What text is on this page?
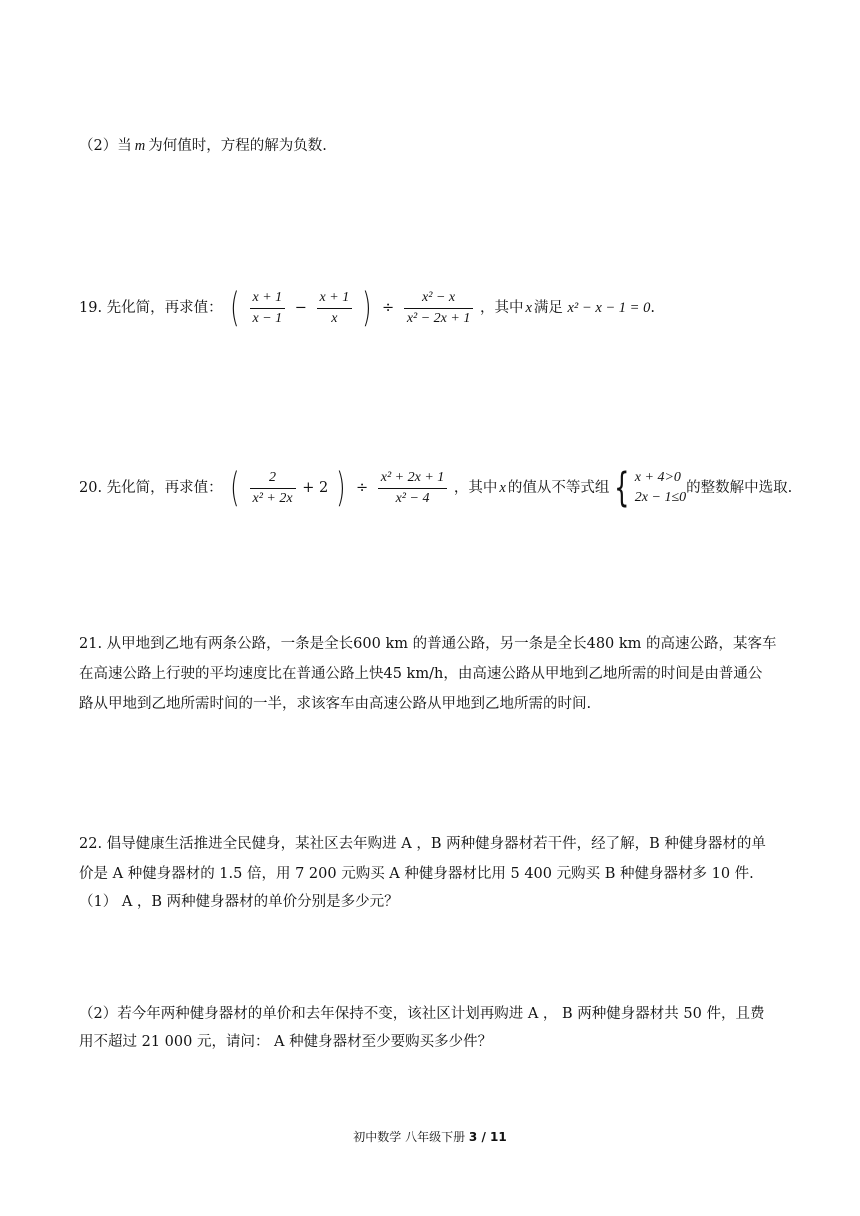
（2）当 m 为何值时，方程的解为负数.
19. 先化简，再求值： ( $\frac{x + 1}{x - 1} - \frac{x + 1}{x}$ ) ÷ $\frac{\text{x² − x}}{\text{x² − 2x + 1}}$ ，其中 x 满足 x² − x − 1 = 0.
20. 先化简，再求值： ( $\frac{2}{\text{x² + 2x}} + 2$ ) ÷ $\frac{\text{x² + 2x + 1}}{\text{x² − 4}}$ ，其中 x 的值从不等式组 { x + 4>0
2x − 1≤0
的整数解中选取.
21. 从甲地到乙地有两条公路，一条是全长600 km 的普通公路，另一条是全长480 km 的高速公路，某客车
在高速公路上行驶的平均速度比在普通公路上快45 km/h，由高速公路从甲地到乙地所需的时间是由普通公
路从甲地到乙地所需时间的一半，求该客车由高速公路从甲地到乙地所需的时间.
22. 倡导健康生活推进全民健身，某社区去年购进 A ，B 两种健身器材若干件，经了解，B 种健身器材的单
价是 A 种健身器材的 1.5 倍，用 7 200 元购买 A 种健身器材比用 5 400 元购买 B 种健身器材多 10 件.
（1） A ，B 两种健身器材的单价分别是多少元？
（2）若今年两种健身器材的单价和去年保持不变，该社区计划再购进 A ， B 两种健身器材共 50 件，且费
用不超过 21 000 元，请问： A 种健身器材至少要购买多少件？
初中数学 八年级下册 3 / 11
